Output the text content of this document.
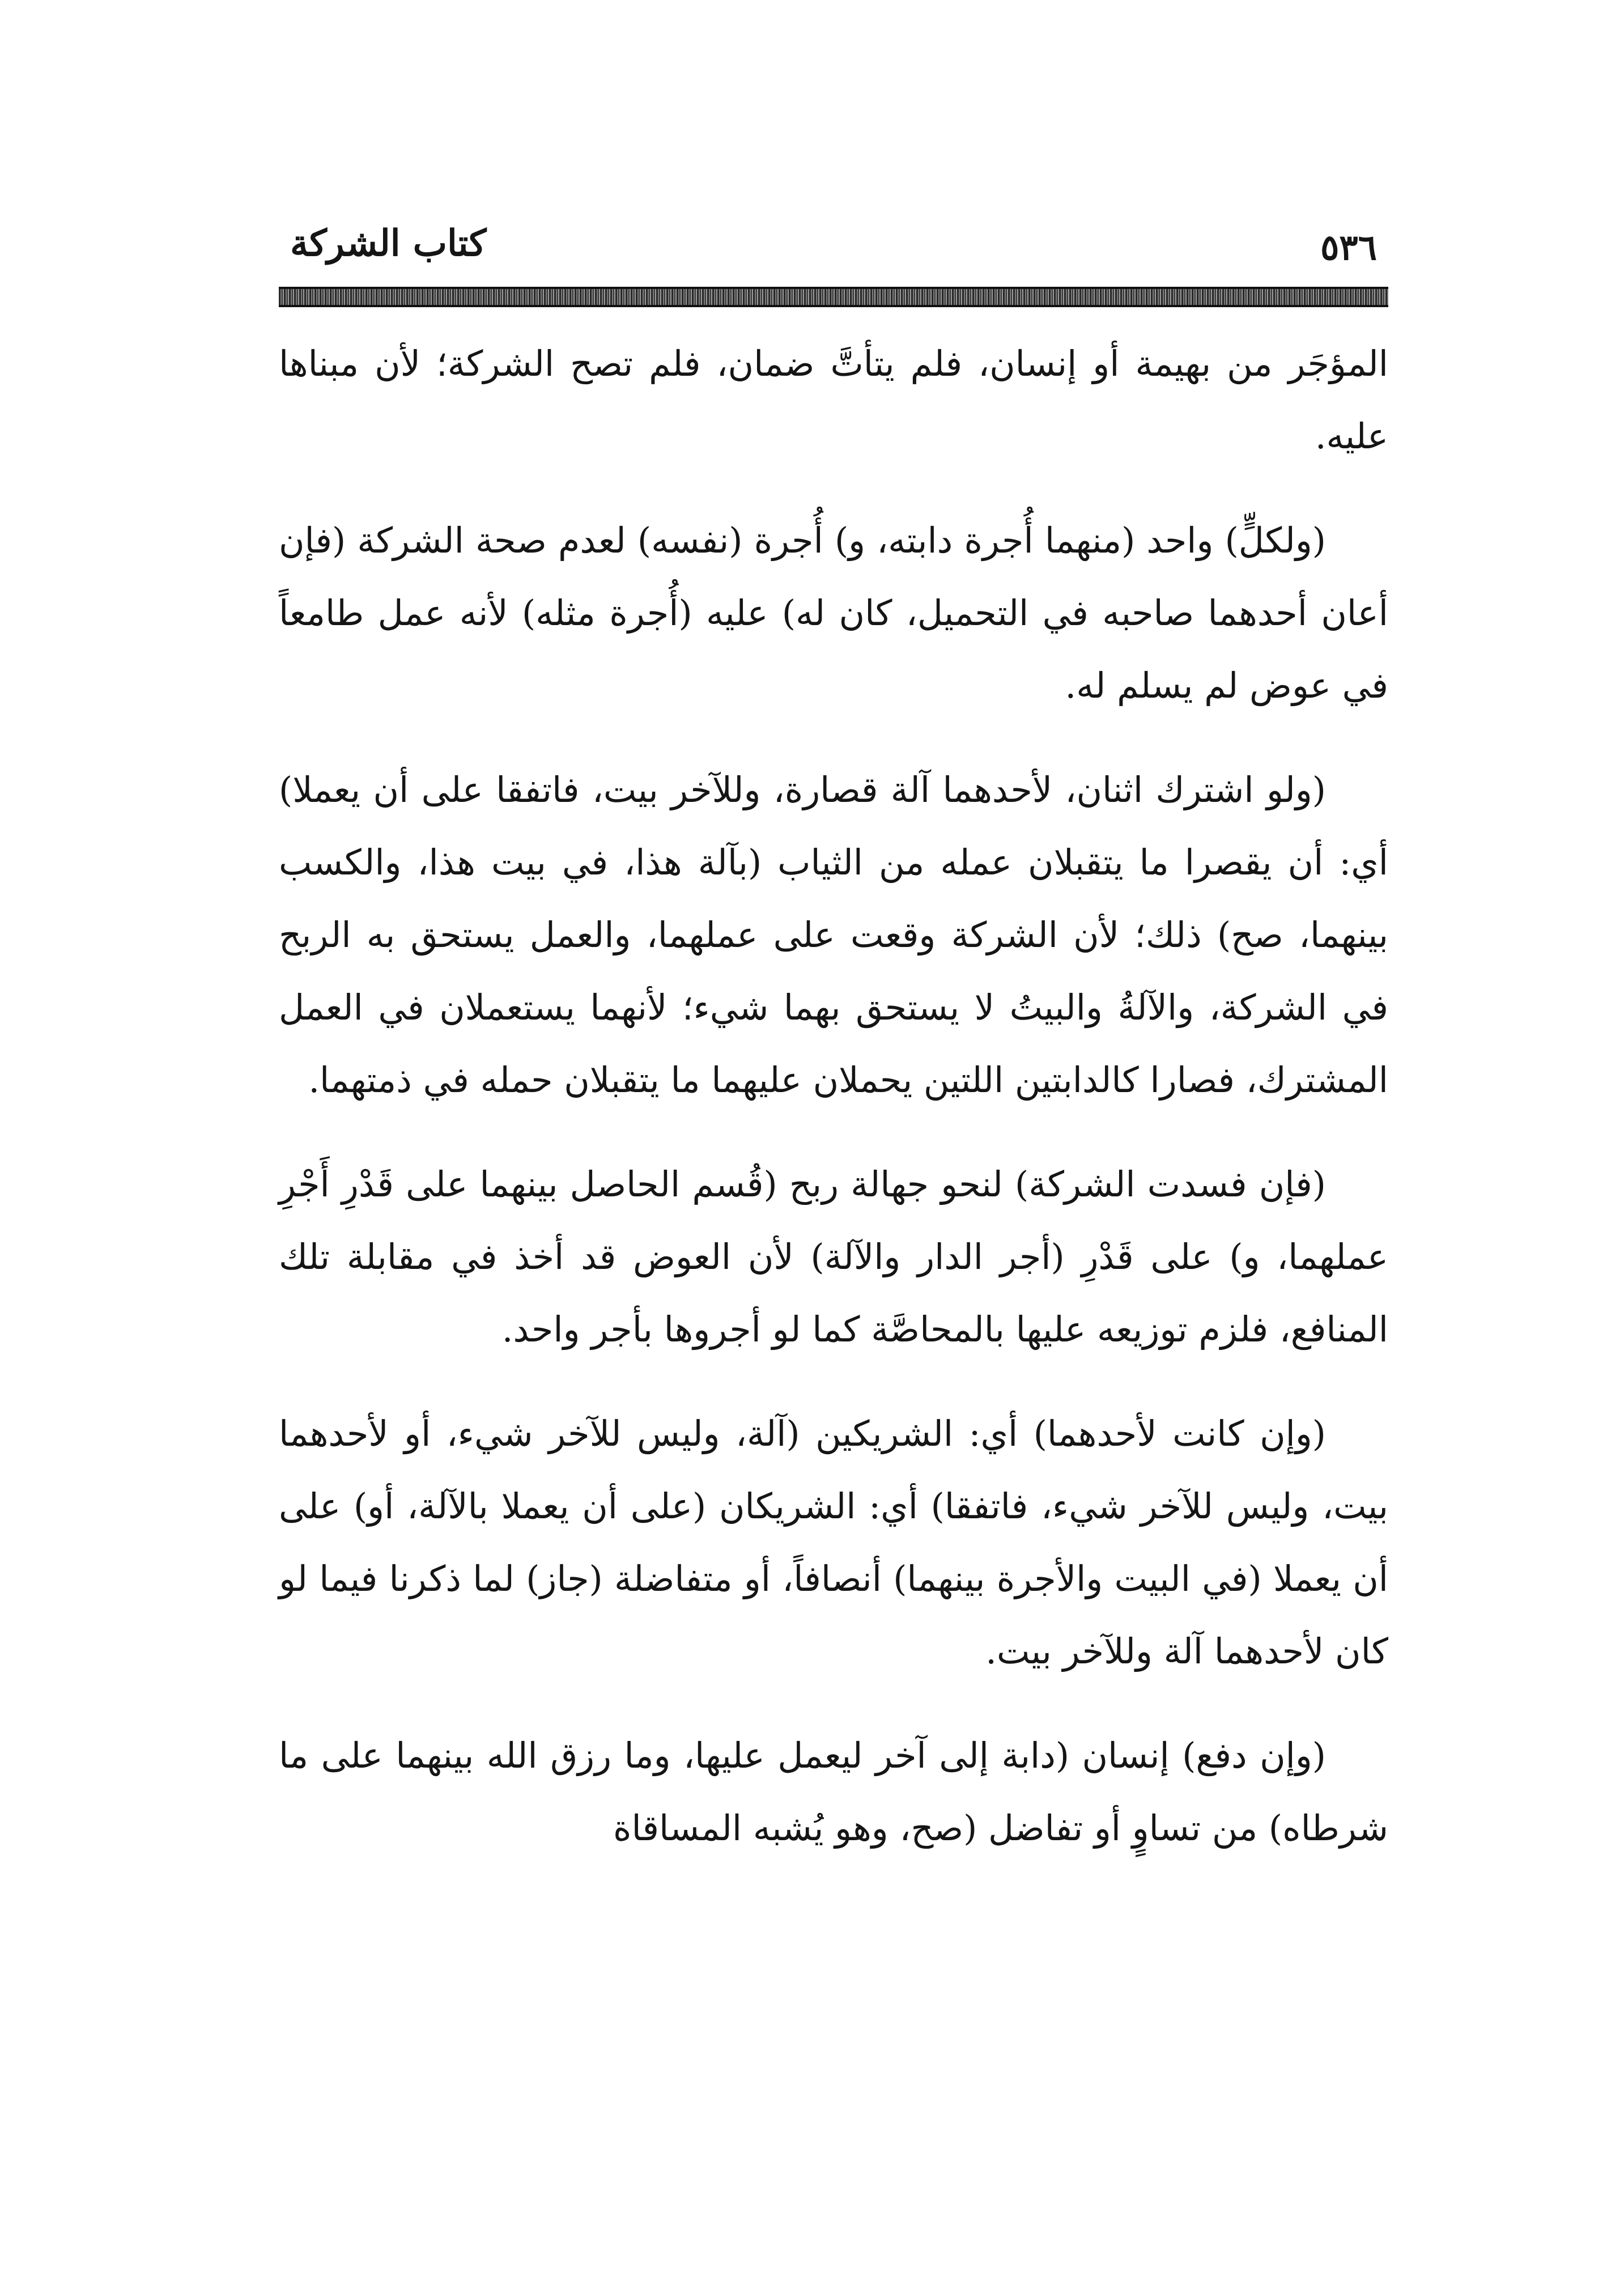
كتاب الشركة	٥٣٦

المؤجَر من بهيمة أو إنسان، فلم يتأتَّ ضمان، فلم تصح الشركة؛ لأن مبناها عليه.

(ولكلٍّ) واحد (منهما أُجرة دابته، و) أُجرة (نفسه) لعدم صحة الشركة (فإن أعان أحدهما صاحبه في التحميل، كان له) عليه (أُجرة مثله) لأنه عمل طامعاً في عوض لم يسلم له.

(ولو اشترك اثنان، لأحدهما آلة قصارة، وللآخر بيت، فاتفقا على أن يعملا) أي: أن يقصرا ما يتقبلان عمله من الثياب (بآلة هذا، في بيت هذا، والكسب بينهما، صح) ذلك؛ لأن الشركة وقعت على عملهما، والعمل يستحق به الربح في الشركة، والآلةُ والبيتُ لا يستحق بهما شيء؛ لأنهما يستعملان في العمل المشترك، فصارا كالدابتين اللتين يحملان عليهما ما يتقبلان حمله في ذمتهما.

(فإن فسدت الشركة) لنحو جهالة ربح (قُسم الحاصل بينهما على قَدْرِ أَجْرِ عملهما، و) على قَدْرِ (أجر الدار والآلة) لأن العوض قد أخذ في مقابلة تلك المنافع، فلزم توزيعه عليها بالمحاصَّة كما لو أجروها بأجر واحد.

(وإن كانت لأحدهما) أي: الشريكين (آلة، وليس للآخر شيء، أو لأحدهما بيت، وليس للآخر شيء، فاتفقا) أي: الشريكان (على أن يعملا بالآلة، أو) على أن يعملا (في البيت والأجرة بينهما) أنصافاً، أو متفاضلة (جاز) لما ذكرنا فيما لو كان لأحدهما آلة وللآخر بيت.

(وإن دفع) إنسان (دابة إلى آخر ليعمل عليها، وما رزق الله بينهما على ما شرطاه) من تساوٍ أو تفاضل (صح، وهو يُشبه المساقاة
